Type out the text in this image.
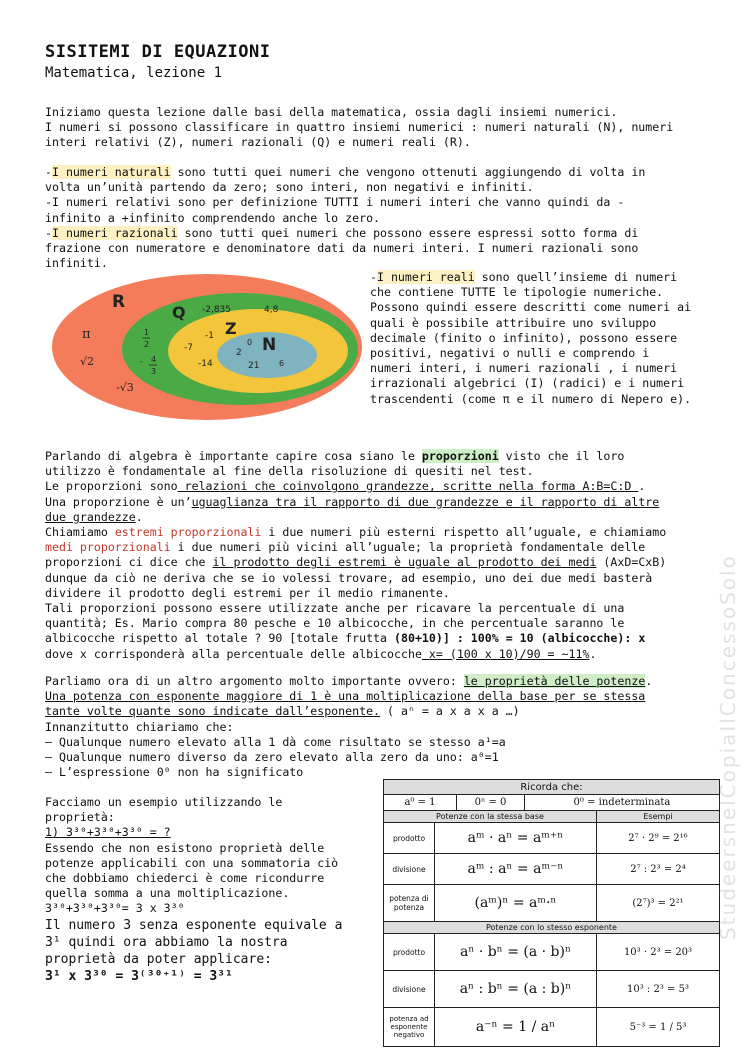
SISITEMI DI EQUAZIONI
Matematica, lezione 1

Iniziamo questa lezione dalle basi della matematica, ossia dagli insiemi numerici.

I numeri si possono classificare in quattro insiemi numerici : numeri naturali (N), numeri

interi relativi (Z), numeri razionali (Q) e numeri reali (R).

-I numeri naturali sono tutti quei numeri che vengono ottenuti aggiungendo di volta in

volta un’unità partendo da zero; sono interi, non negativi e infiniti.

-I numeri relativi sono per definizione TUTTI i numeri interi che vanno quindi da -

infinito a +infinito comprendendo anche lo zero.

-I numeri razionali sono tutti quei numeri che possono essere espressi sotto forma di

frazione con numeratore e denominatore dati da numeri interi. I numeri razionali sono

infiniti.

R
Q
Z
N
π
√2
-√3
-2,835	4,8
1
2
- 4
3
-1
-7
-14
0
2
21 6

-I numeri reali sono quell’insieme di numeri

che contiene TUTTE le tipologie numeriche.

Possono quindi essere descritti come numeri ai

quali è possibile attribuire uno sviluppo

decimale (finito o infinito), possono essere

positivi, negativi o nulli e comprendo i

numeri interi, i numeri razionali , i numeri

irrazionali algebrici (I) (radici) e i numeri

trascendenti (come π e il numero di Nepero e).

Parlando di algebra è importante capire cosa siano le proporzioni visto che il loro

utilizzo è fondamentale al fine della risoluzione di quesiti nel test.

Le proporzioni sono relazioni che coinvolgono grandezze, scritte nella forma A:B=C:D .

Una proporzione è un’uguaglianza tra il rapporto di due grandezze e il rapporto di altre

due grandezze.

Chiamiamo estremi proporzionali i due numeri più esterni rispetto all’uguale, e chiamiamo

medi proporzionali i due numeri più vicini all’uguale; la proprietà fondamentale delle

proporzioni ci dice che il prodotto degli estremi è uguale al prodotto dei medi (AxD=CxB)

dunque da ciò ne deriva che se io volessi trovare, ad esempio, uno dei due medi basterà

dividere il prodotto degli estremi per il medio rimanente.

Tali proporzioni possono essere utilizzate anche per ricavare la percentuale di una

quantità; Es. Mario compra 80 pesche e 10 albicocche, in che percentuale saranno le

albicocche rispetto al totale ? 90 [totale frutta (80+10)] : 100% = 10 (albicocche): x

dove x corrisponderà alla percentuale delle albicocche x= (100 x 10)/90 = ~11%.

Parliamo ora di un altro argomento molto importante ovvero: le proprietà delle potenze.

Una potenza con esponente maggiore di 1 è una moltiplicazione della base per se stessa

tante volte quante sono indicate dall’esponente. ( aⁿ = a x a x a …)

Innanzitutto chiariamo che:

– Qualunque numero elevato alla 1 dà come risultato se stesso a¹=a

– Qualunque numero diverso da zero elevato alla zero da uno: a⁰=1

– L’espressione 0⁰ non ha significato

Facciamo un esempio utilizzando le

proprietà:

1) 3³⁰+3³⁰+3³⁰ = ?

Essendo che non esistono proprietà delle

potenze applicabili con una sommatoria ciò

che dobbiamo chiederci è come ricondurre

quella somma a una moltiplicazione.

3³⁰+3³⁰+3³⁰= 3 x 3³⁰

Il numero 3 senza esponente equivale a

3¹ quindi ora abbiamo la nostra

proprietà da poter applicare:

3¹ x 3³⁰ = 3⁽³⁰⁺¹⁾ = 3³¹

Ricorda che:
a⁰ = 1	0ⁿ = 0	0⁰ = indeterminata
Potenze con la stessa base		Esempi
prodotto	aᵐ · aⁿ = aᵐ⁺ⁿ	2⁷ · 2⁹ = 2¹⁶
divisione	aᵐ : aⁿ = aᵐ⁻ⁿ	2⁷ : 2³ = 2⁴
potenza di potenza	(aᵐ)ⁿ = aᵐ·ⁿ	(2⁷)³ = 2²¹
Potenze con lo stesso esponente		
prodotto	aⁿ · bⁿ = (a · b)ⁿ	10³ · 2³ = 20³
divisione	aⁿ : bⁿ = (a : b)ⁿ	10³ : 2³ = 5³
potenza ad esponente negativo	a⁻ⁿ = 1 / aⁿ	5⁻³ = 1 / 5³
StudeersnelCopiaIlConcessoSolo
